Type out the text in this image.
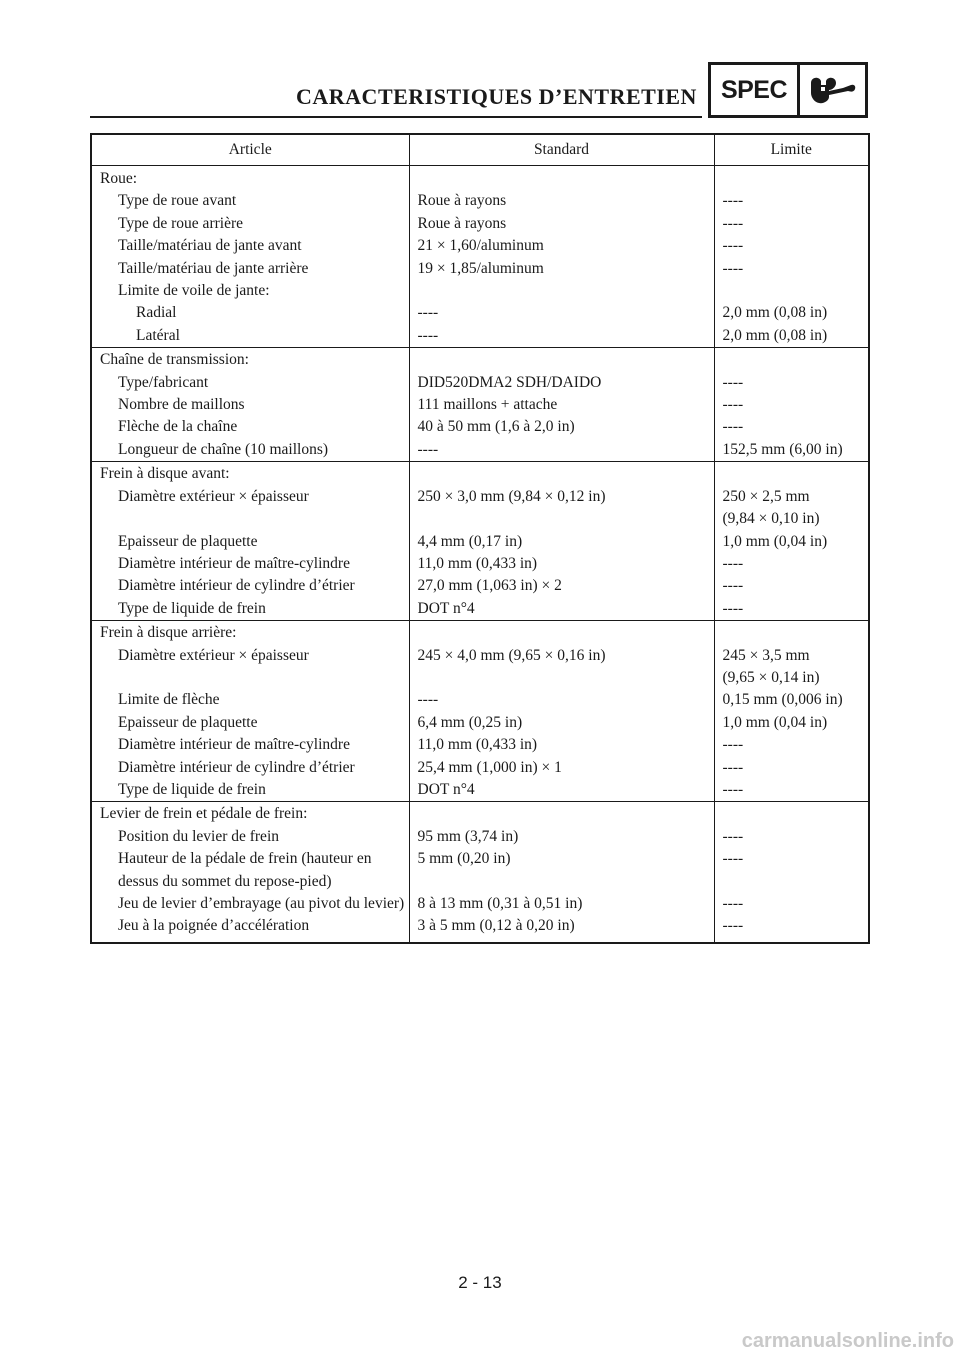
CARACTERISTIQUES D’ENTRETIEN SPEC
Article	Standard	Limite
Roue:		
Type de roue avant	Roue à rayons	----

Type de roue arrière	Roue à rayons	----

Taille/matériau de jante avant	21 × 1,60/aluminum	----

Taille/matériau de jante arrière	19 × 1,85/aluminum	----

Limite de voile de jante:		

Radial	----	2,0 mm (0,08 in)

Latéral	----	2,0 mm (0,08 in)

Chaîne de transmission:		
Type/fabricant	DID520DMA2 SDH/DAIDO	----

Nombre de maillons	111 maillons + attache	----

Flèche de la chaîne	40 à 50 mm (1,6 à 2,0 in)	----

Longueur de chaîne (10 maillons)	----	152,5 mm (6,00 in)

Frein à disque avant:		
Diamètre extérieur × épaisseur	250 × 3,0 mm (9,84 × 0,12 in)	250 × 2,5 mm
(9,84 × 0,10 in)

Epaisseur de plaquette	4,4 mm (0,17 in)	1,0 mm (0,04 in)

Diamètre intérieur de maître-cylindre	11,0 mm (0,433 in)	----

Diamètre intérieur de cylindre d’étrier	27,0 mm (1,063 in) × 2	----

Type de liquide de frein	DOT n°4	----

Frein à disque arrière:		
Diamètre extérieur × épaisseur	245 × 4,0 mm (9,65 × 0,16 in)	245 × 3,5 mm
(9,65 × 0,14 in)

Limite de flèche	----	0,15 mm (0,006 in)

Epaisseur de plaquette	6,4 mm (0,25 in)	1,0 mm (0,04 in)

Diamètre intérieur de maître-cylindre	11,0 mm (0,433 in)	----

Diamètre intérieur de cylindre d’étrier	25,4 mm (1,000 in) × 1	----

Type de liquide de frein	DOT n°4	----

Levier de frein et pédale de frein:		
Position du levier de frein	95 mm (3,74 in)	----

Hauteur de la pédale de frein (hauteur en dessus du sommet du repose-pied)	5 mm (0,20 in)	----

Jeu de levier d’embrayage (au pivot du levier)	8 à 13 mm (0,31 à 0,51 in)	----

Jeu à la poignée d’accélération	3 à 5 mm (0,12 à 0,20 in)	----
2 - 13
carmanualsonline.info
